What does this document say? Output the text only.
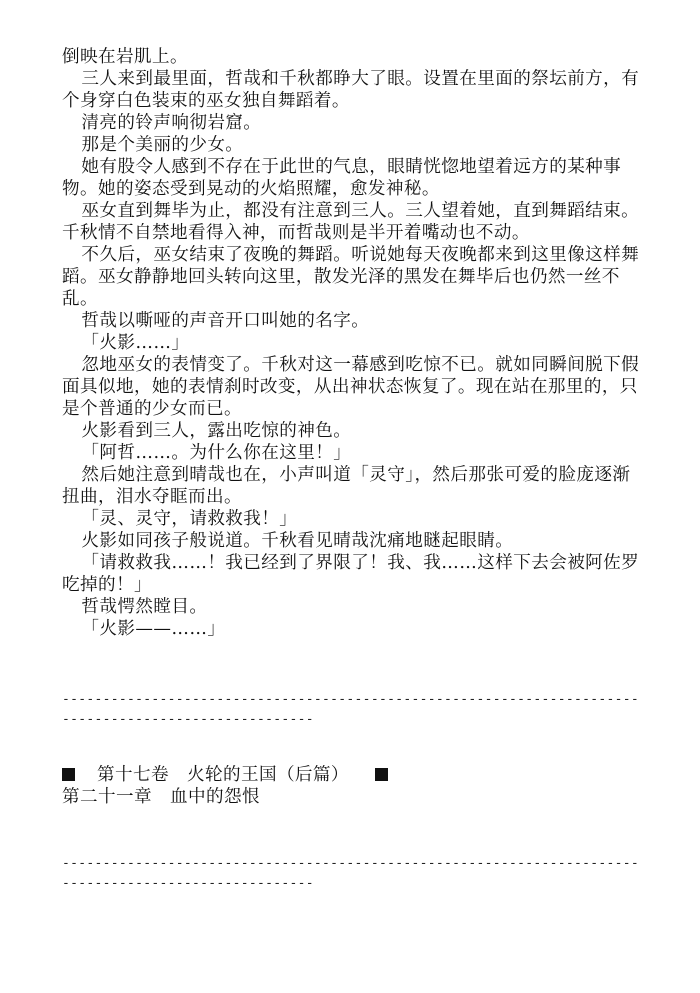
倒映在岩肌上。

三人来到最里面，哲哉和千秋都睁大了眼。设置在里面的祭坛前方，有个身穿白色装束的巫女独自舞蹈着。

清亮的铃声响彻岩窟。

那是个美丽的少女。

她有股令人感到不存在于此世的气息，眼睛恍惚地望着远方的某种事物。她的姿态受到晃动的火焰照耀，愈发神秘。

巫女直到舞毕为止，都没有注意到三人。三人望着她，直到舞蹈结束。千秋情不自禁地看得入神，而哲哉则是半开着嘴动也不动。

不久后，巫女结束了夜晚的舞蹈。听说她每天夜晚都来到这里像这样舞蹈。巫女静静地回头转向这里，散发光泽的黑发在舞毕后也仍然一丝不乱。

哲哉以嘶哑的声音开口叫她的名字。

「火影……」

忽地巫女的表情变了。千秋对这一幕感到吃惊不已。就如同瞬间脱下假面具似地，她的表情刹时改变，从出神状态恢复了。现在站在那里的，只是个普通的少女而已。

火影看到三人，露出吃惊的神色。

「阿哲……。为什么你在这里！」

然后她注意到晴哉也在，小声叫道「灵守」，然后那张可爱的脸庞逐渐扭曲，泪水夺眶而出。

「灵、灵守，请救救我！」

火影如同孩子般说道。千秋看见晴哉沈痛地瞇起眼睛。

「请救救我……！我已经到了界限了！我、我……这样下去会被阿佐罗吃掉的！」

哲哉愕然瞠目。

「火影——……」

------------------------------------------------------------------------------------------------------

第十七卷　火轮的王国（后篇）

第二十一章　血中的怨恨

------------------------------------------------------------------------------------------------------
